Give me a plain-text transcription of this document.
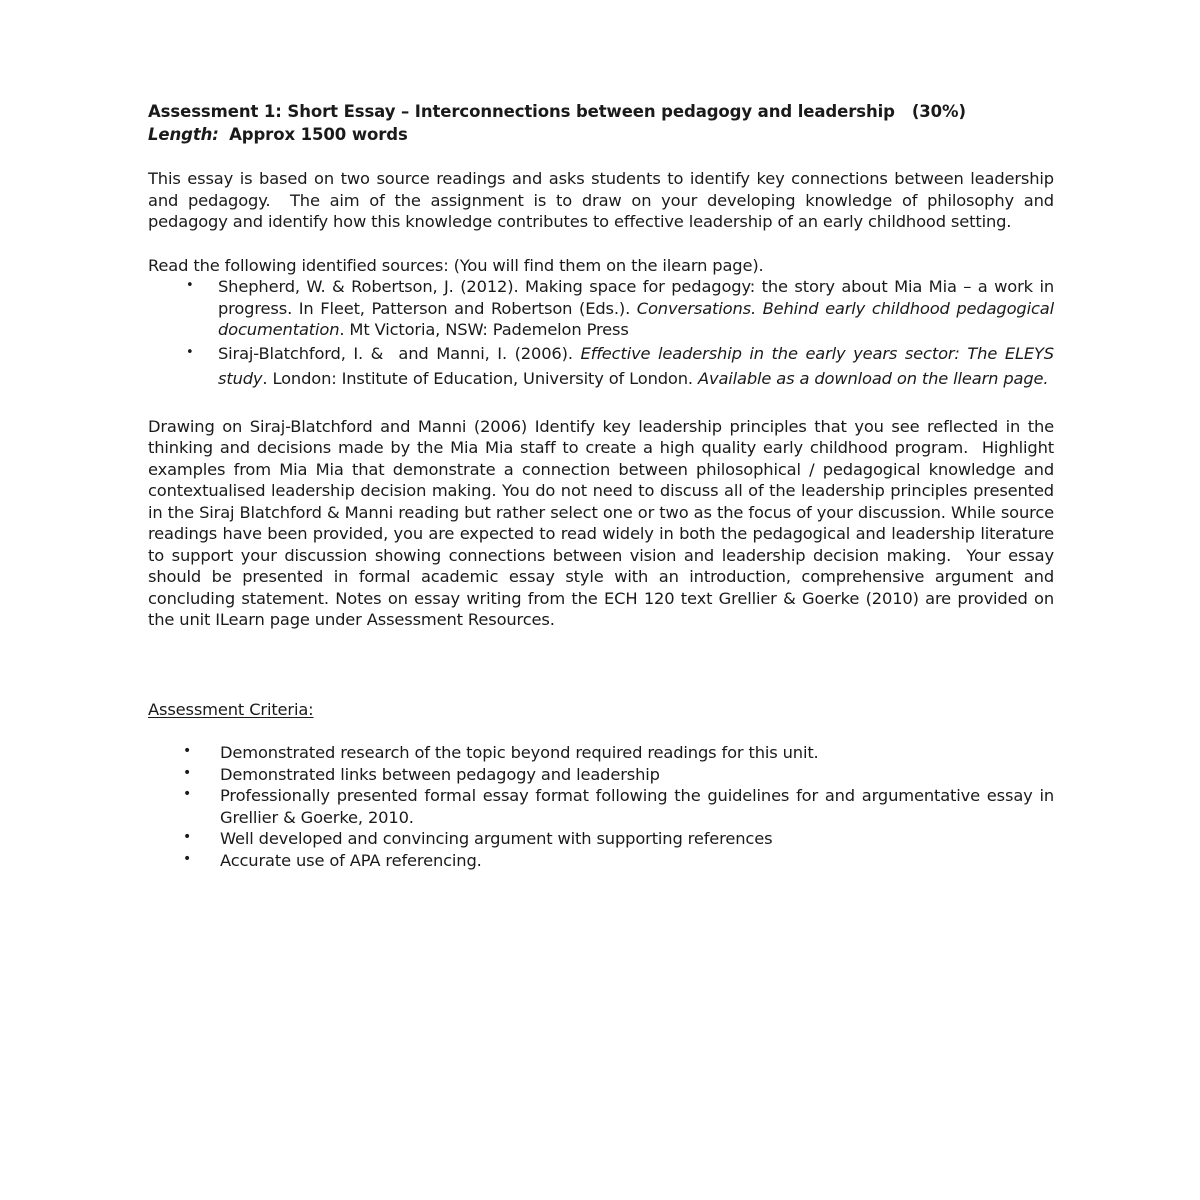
Assessment 1: Short Essay – Interconnections between pedagogy and leadership (30%)
Length: Approx 1500 words

This essay is based on two source readings and asks students to identify key connections between leadership and pedagogy.  The aim of the assignment is to draw on your developing knowledge of philosophy and pedagogy and identify how this knowledge contributes to effective leadership of an early childhood setting.

Read the following identified sources: (You will find them on the ilearn page).

• Shepherd, W. & Robertson, J. (2012). Making space for pedagogy: the story about Mia Mia – a work in progress. In Fleet, Patterson and Robertson (Eds.). Conversations. Behind early childhood pedagogical documentation. Mt Victoria, NSW: Pademelon Press
• Siraj-Blatchford, I. &  and Manni, I. (2006). Effective leadership in the early years sector: The ELEYS study. London: Institute of Education, University of London. Available as a download on the llearn page.

Drawing on Siraj-Blatchford and Manni (2006) Identify key leadership principles that you see reflected in the thinking and decisions made by the Mia Mia staff to create a high quality early childhood program.  Highlight examples from Mia Mia that demonstrate a connection between philosophical / pedagogical knowledge and contextualised leadership decision making. You do not need to discuss all of the leadership principles presented in the Siraj Blatchford & Manni reading but rather select one or two as the focus of your discussion. While source readings have been provided, you are expected to read widely in both the pedagogical and leadership literature to support your discussion showing connections between vision and leadership decision making.  Your essay should be presented in formal academic essay style with an introduction, comprehensive argument and concluding statement. Notes on essay writing from the ECH 120 text Grellier & Goerke (2010) are provided on the unit ILearn page under Assessment Resources.

Assessment Criteria:
• Demonstrated research of the topic beyond required readings for this unit.
• Demonstrated links between pedagogy and leadership
• Professionally presented formal essay format following the guidelines for and argumentative essay in Grellier & Goerke, 2010.
• Well developed and convincing argument with supporting references
• Accurate use of APA referencing.
